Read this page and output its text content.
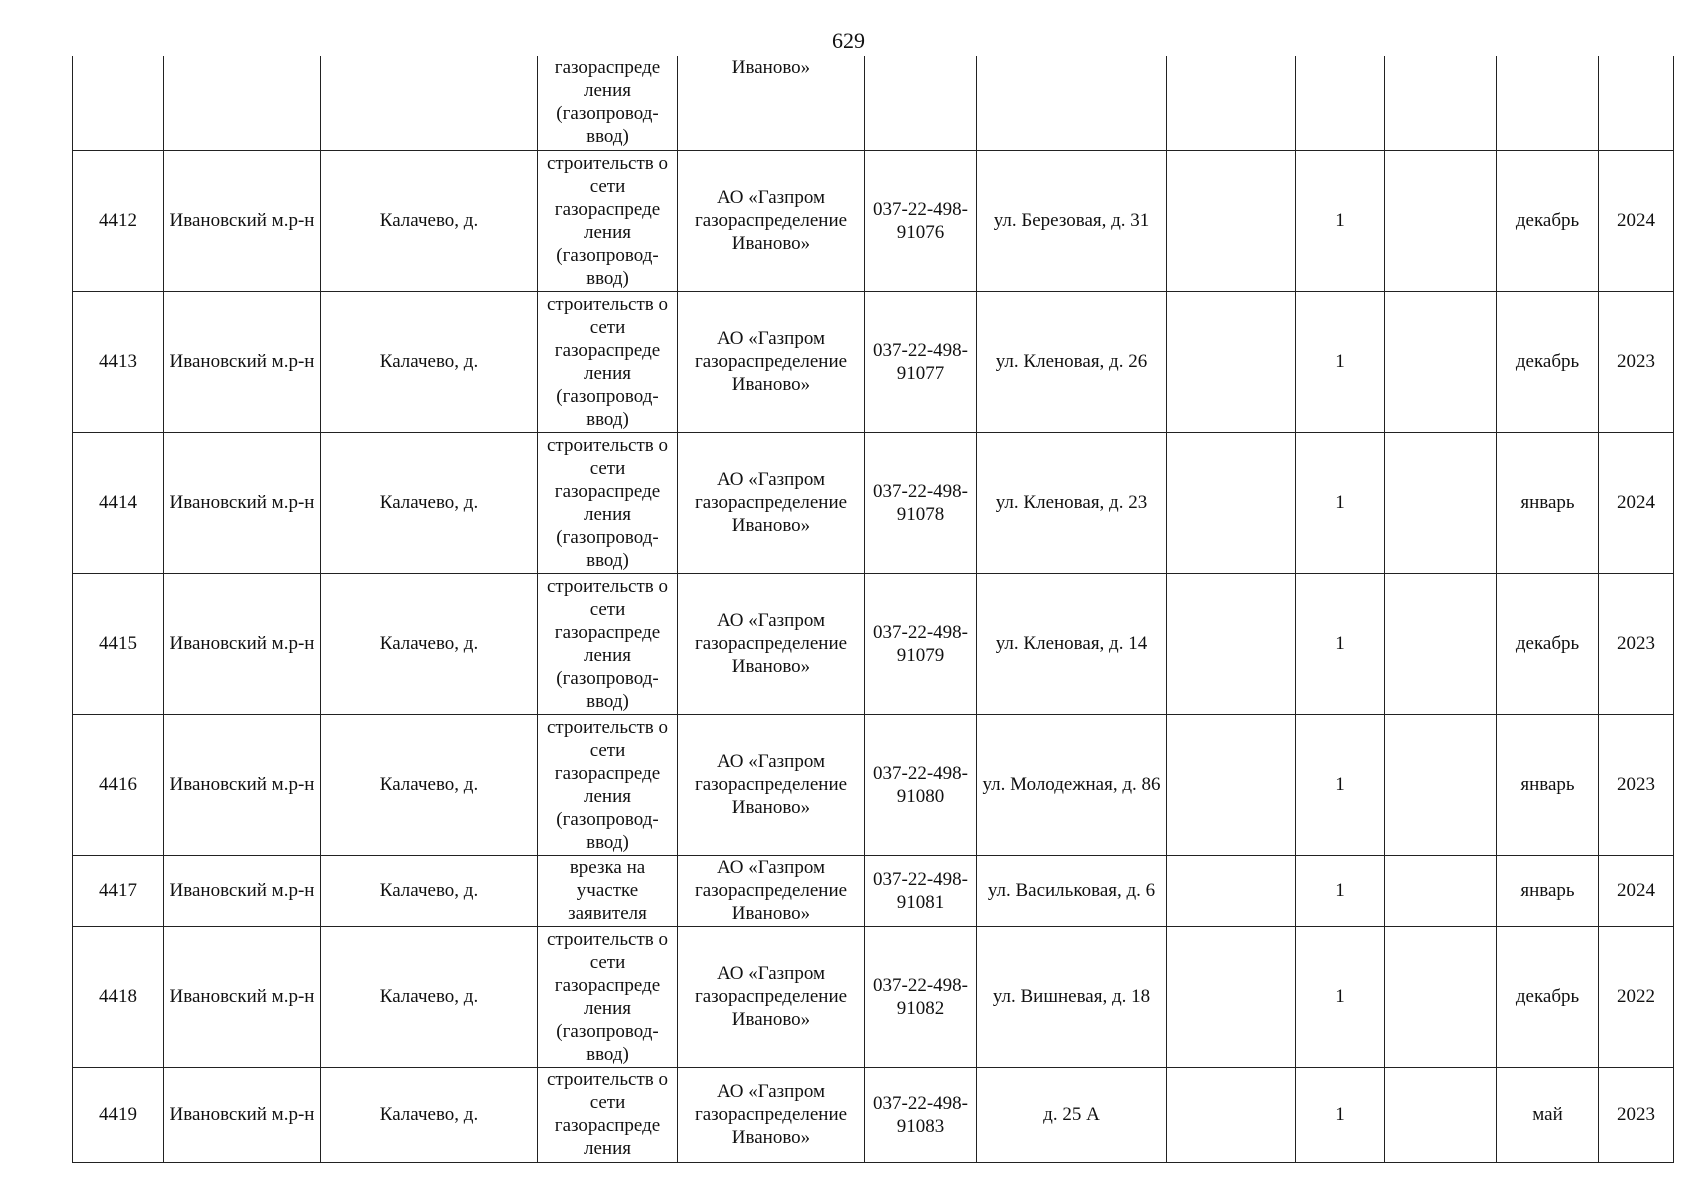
629
			газораспреде
ления
(газопровод-
ввод)	Иваново»							
4412	Ивановский м.р-н	Калачево, д.	строительств о сети газораспреде ления (газопровод-ввод)	АО «Газпром газораспределение Иваново»	037-22-498-91076	ул. Березовая, д. 31		1		декабрь	2024
4413	Ивановский м.р-н	Калачево, д.	строительств о сети газораспреде ления (газопровод-ввод)	АО «Газпром газораспределение Иваново»	037-22-498-91077	ул. Кленовая, д. 26		1		декабрь	2023
4414	Ивановский м.р-н	Калачево, д.	строительств о сети газораспреде ления (газопровод-ввод)	АО «Газпром газораспределение Иваново»	037-22-498-91078	ул. Кленовая, д. 23		1		январь	2024
4415	Ивановский м.р-н	Калачево, д.	строительств о сети газораспреде ления (газопровод-ввод)	АО «Газпром газораспределение Иваново»	037-22-498-91079	ул. Кленовая, д. 14		1		декабрь	2023
4416	Ивановский м.р-н	Калачево, д.	строительств о сети газораспреде ления (газопровод-ввод)	АО «Газпром газораспределение Иваново»	037-22-498-91080	ул. Молодежная, д. 86		1		январь	2023
4417	Ивановский м.р-н	Калачево, д.	врезка на участке заявителя	АО «Газпром газораспределение Иваново»	037-22-498-91081	ул. Васильковая, д. 6		1		январь	2024
4418	Ивановский м.р-н	Калачево, д.	строительств о сети газораспреде ления (газопровод-ввод)	АО «Газпром газораспределение Иваново»	037-22-498-91082	ул. Вишневая, д. 18		1		декабрь	2022
4419	Ивановский м.р-н	Калачево, д.	строительств о сети газораспреде ления	АО «Газпром газораспределение Иваново»	037-22-498-91083	д. 25 А		1		май	2023
